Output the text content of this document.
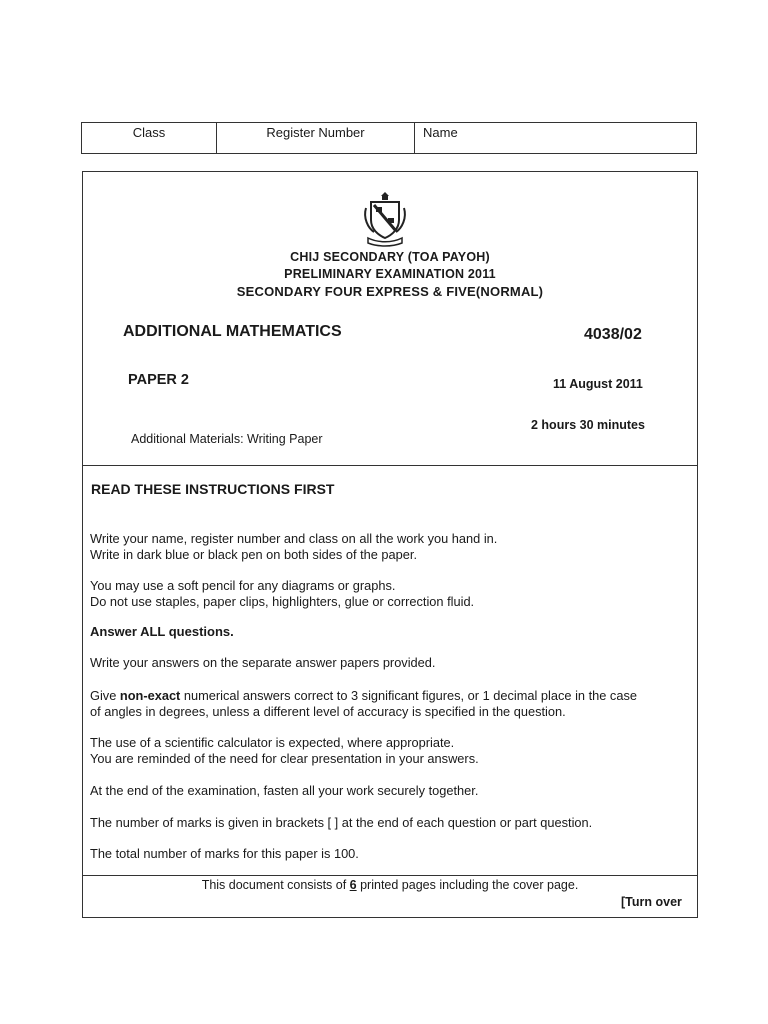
Class	Register Number	Name
CHIJ SECONDARY (TOA PAYOH)
PRELIMINARY EXAMINATION 2011
SECONDARY FOUR EXPRESS & FIVE(NORMAL)
ADDITIONAL MATHEMATICS	4038/02
PAPER 2	11 August 2011
2 hours 30 minutes
Additional Materials: Writing Paper
READ THESE INSTRUCTIONS FIRST
Write your name, register number and class on all the work you hand in.
Write in dark blue or black pen on both sides of the paper.
You may use a soft pencil for any diagrams or graphs.
Do not use staples, paper clips, highlighters, glue or correction fluid.
Answer ALL questions.
Write your answers on the separate answer papers provided.
Give non-exact numerical answers correct to 3 significant figures, or 1 decimal place in the case
of angles in degrees, unless a different level of accuracy is specified in the question.
The use of a scientific calculator is expected, where appropriate.
You are reminded of the need for clear presentation in your answers.
At the end of the examination, fasten all your work securely together.
The number of marks is given in brackets [ ] at the end of each question or part question.
The total number of marks for this paper is 100.
This document consists of 6 printed pages including the cover page.
[Turn over
